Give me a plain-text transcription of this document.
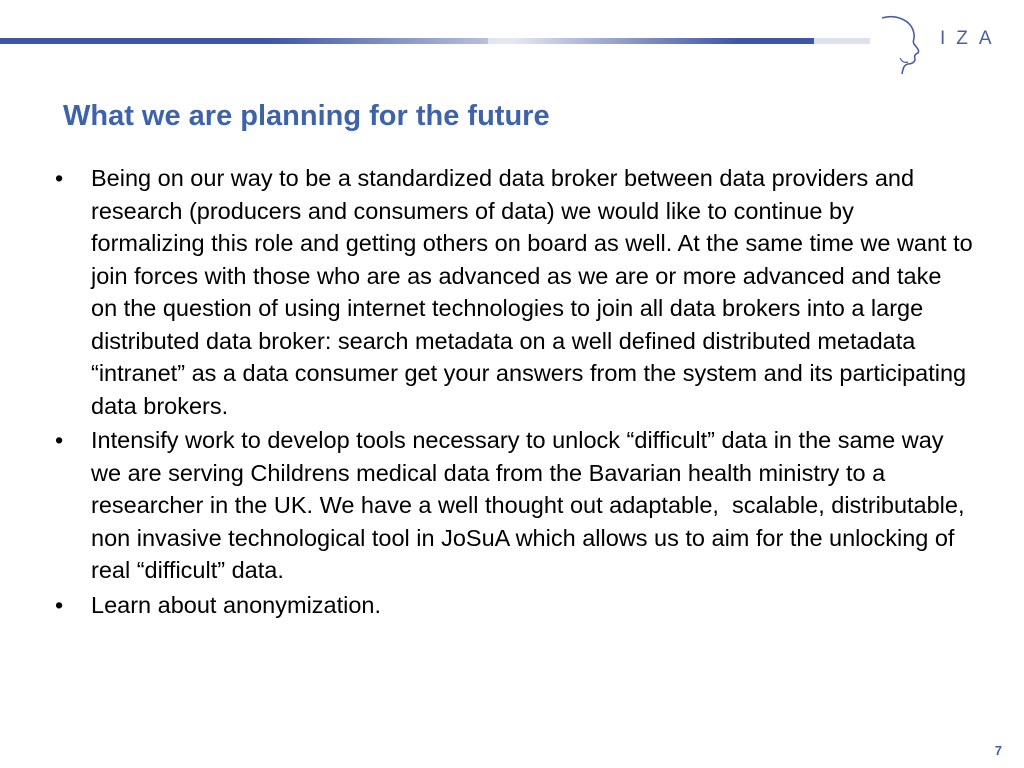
IZA
What we are planning for the future
• Being on our way to be a standardized data broker between data providers and research (producers and consumers of data) we would like to continue by formalizing this role and getting others on board as well. At the same time we want to join forces with those who are as advanced as we are or more advanced and take on the question of using internet technologies to join all data brokers into a large distributed data broker: search metadata on a well defined distributed metadata “intranet” as a data consumer get your answers from the system and its participating data brokers.
• Intensify work to develop tools necessary to unlock “difficult” data in the same way we are serving Childrens medical data from the Bavarian health ministry to a researcher in the UK. We have a well thought out adaptable,  scalable, distributable, non invasive technological tool in JoSuA which allows us to aim for the unlocking of real “difficult” data.
• Learn about anonymization.
7
